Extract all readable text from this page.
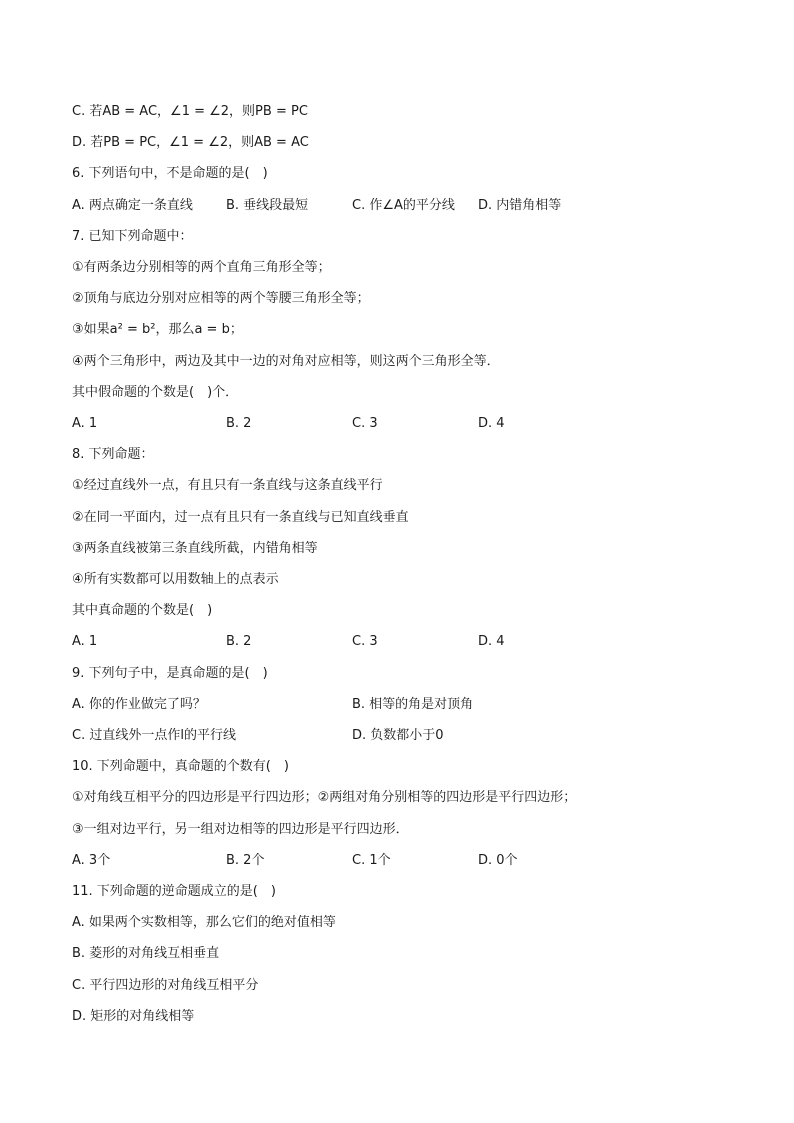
C. 若AB = AC，∠1 = ∠2，则PB = PC
D. 若PB = PC，∠1 = ∠2，则AB = AC
6. 下列语句中，不是命题的是(　)
A. 两点确定一条直线	B. 垂线段最短	C. 作∠A的平分线 D. 内错角相等
7. 已知下列命题中：
①有两条边分别相等的两个直角三角形全等；
②顶角与底边分别对应相等的两个等腰三角形全等；
③如果a² = b²，那么a = b；
④两个三角形中，两边及其中一边的对角对应相等，则这两个三角形全等．
其中假命题的个数是(　)个．
A. 1	B. 2	C. 3	D. 4
8. 下列命题：
①经过直线外一点，有且只有一条直线与这条直线平行
②在同一平面内，过一点有且只有一条直线与已知直线垂直
③两条直线被第三条直线所截，内错角相等
④所有实数都可以用数轴上的点表示
其中真命题的个数是(　)
A. 1	B. 2	C. 3	D. 4
9. 下列句子中，是真命题的是(　)
A. 你的作业做完了吗？	B. 相等的角是对顶角
C. 过直线外一点作l的平行线	D. 负数都小于0
10. 下列命题中，真命题的个数有(　)
①对角线互相平分的四边形是平行四边形；②两组对角分别相等的四边形是平行四边形；
③一组对边平行，另一组对边相等的四边形是平行四边形．
A. 3个	B. 2个	C. 1个	D. 0个
11. 下列命题的逆命题成立的是(　)
A. 如果两个实数相等，那么它们的绝对值相等
B. 菱形的对角线互相垂直
C. 平行四边形的对角线互相平分
D. 矩形的对角线相等
